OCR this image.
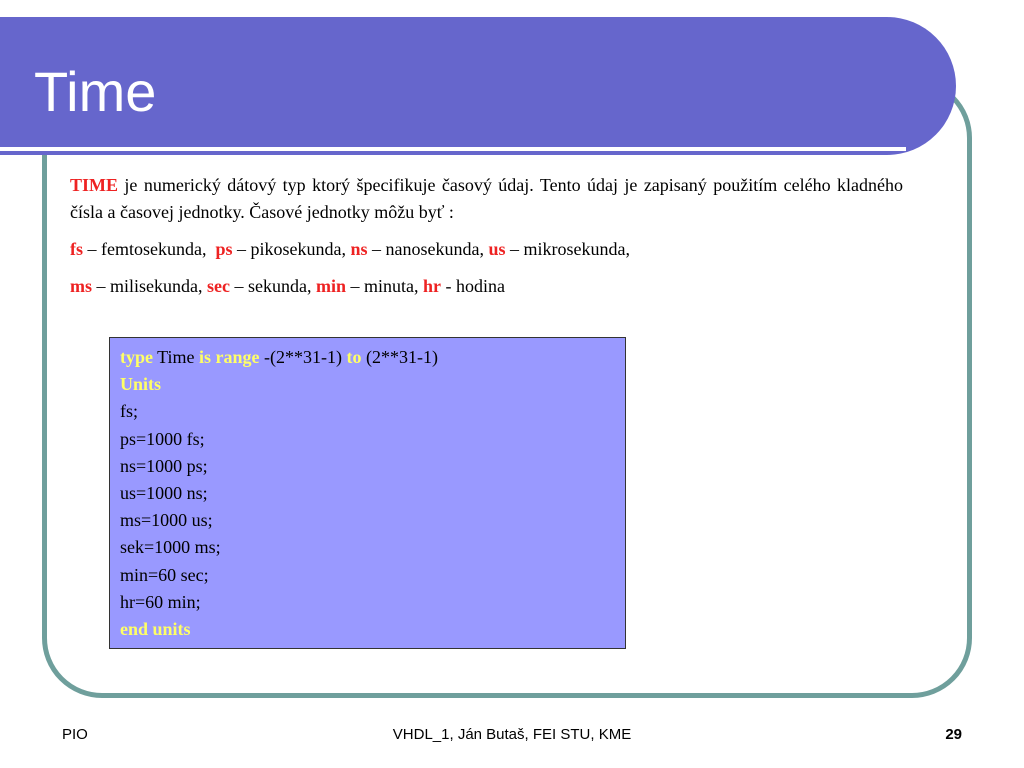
Time

TIME je numerický dátový typ ktorý špecifikuje časový údaj. Tento údaj je zapisaný použitím celého kladného čísla a časovej jednotky. Časové jednotky môžu byť :

fs – femtosekunda,  ps – pikosekunda, ns – nanosekunda, us – mikrosekunda,

ms – milisekunda, sec – sekunda, min – minuta, hr - hodina

type Time is range -(2**31-1) to (2**31-1)
Units
fs;
ps=1000 fs;
ns=1000 ps;
us=1000 ns;
ms=1000 us;
sek=1000 ms;
min=60 sec;
hr=60 min;
end units
VHDL_1, Ján Butaš, FEI STU, KME
PIO	29
